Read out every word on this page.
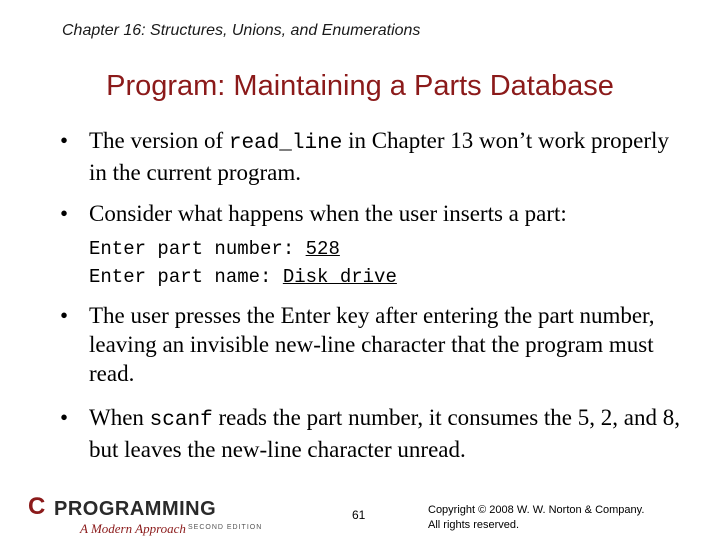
Chapter 16: Structures, Unions, and Enumerations
Program: Maintaining a Parts Database
• The version of read_line in Chapter 13 won’t work properly in the current program.
• Consider what happens when the user inserts a part:
Enter part number: 528
Enter part name: Disk drive
• The user presses the Enter key after entering the part number, leaving an invisible new-line character that the program must read.
• When scanf reads the part number, it consumes the 5, 2, and 8, but leaves the new-line character unread.
C PROGRAMMING
A Modern Approach SECOND EDITION
61	Copyright © 2008 W. W. Norton & Company.
All rights reserved.
